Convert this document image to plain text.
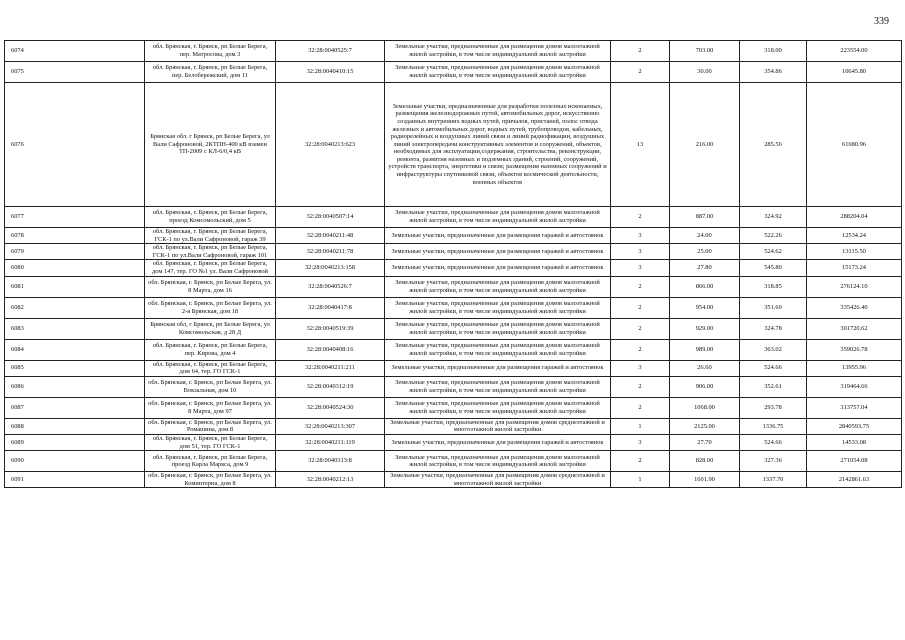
339
6074	обл. Брянская, г. Брянск, рп Белые Берега, пер. Матросова, дом 3	32:28:0040525:7	Земельные участки, предназначенные для размещения домов малоэтажной жилой застройки, в том числе индивидуальной жилой застройки	2	703.00	318.00	223554.00
6075	обл. Брянская, г. Брянск, рп Белые Берега, пер. Белобережский, дом 11	32:28:0040410:15	Земельные участки, предназначенные для размещения домов малоэтажной жилой застройки, в том числе индивидуальной жилой застройки	2	30.00	354.86	10645.80
6076	Брянская обл. г Брянск, рп Белые Берега, ул Вали Сафроновой, 2КТПН-400 кВ взамен ТП-2009 с КЛ-6/0,4 кВ	32:28:0040213:623	Земельные участки, предназначенные для разработки полезных ископаемых, размещения железнодорожных путей, автомобильных дорог, искусственно созданных внутренних водных путей, причалов, пристаней, полос отвода железных и автомобильных дорог, водных путей, трубопроводов, кабельных, радиорелейных и воздушных линий связи и линий радиофикации, воздушных линий электропередачи конструктивных элементов и сооружений, объектов, необходимых для эксплуатации,содержания, строительства, реконструкции, ремонта, развития наземных и подземных зданий, строений, сооружений, устройств транспорта, энергетики и связи; размещения наземных сооружений и инфраструктуры спутниковой связи, объектов космической деятельности, военных объектов	13	216.00	285.56	61680.96
6077	обл. Брянская, г. Брянск, рп Белые Берега, проезд Комсомольский, дом 5	32:28:0040507:14	Земельные участки, предназначенные для размещения домов малоэтажной жилой застройки, в том числе индивидуальной жилой застройки	2	887.00	324.92	288204.04
6078	обл. Брянская, г. Брянск, рп Белые Берега, ГСК-1 по ул.Вали Сафроновой, гараж 39	32:28:0040211:48	Земельные участки, предназначенные для размещения гаражей и автостоянок	3	24.00	522.26	12534.24
6079	обл. Брянская, г. Брянск, рп Белые Берега, ГСК-1 по ул.Вали Сафроновой, гараж 101	32:28:0040211:78	Земельные участки, предназначенные для размещения гаражей и автостоянок	3	25.00	524.62	13115.50
6080	обл. Брянская, г. Брянск, рп Белые Берега, дом 147, тер. ГО №1 ул. Вали Сафроновой	32:28:0040213:158	Земельные участки, предназначенные для размещения гаражей и автостоянок	3	27.80	545.80	15173.24
6081	обл. Брянская, г. Брянск, рп Белые Берега, ул. 8 Марта, дом 16	32:28:0040526:7	Земельные участки, предназначенные для размещения домов малоэтажной жилой застройки, в том числе индивидуальной жилой застройки	2	866.00	318.85	276124.10
6082	обл. Брянская, г. Брянск, рп Белые Берега, ул. 2-я Брянская, дом 18	32:28:0040417:8	Земельные участки, предназначенные для размещения домов малоэтажной жилой застройки, в том числе индивидуальной жилой застройки	2	954.00	351.60	335426.40
6083	Брянская обл, г Брянск, рп Белые Берега, ул Комсомольская, д 28 Д	32:28:0040519:39	Земельные участки, предназначенные для размещения домов малоэтажной жилой застройки, в том числе индивидуальной жилой застройки	2	929.00	324.78	301720.62
6084	обл. Брянская, г. Брянск, рп Белые Берега, пер. Кирова, дом 4	32:28:0040408:16	Земельные участки, предназначенные для размещения домов малоэтажной жилой застройки, в том числе индивидуальной жилой застройки	2	989.00	363.02	359026.78
6085	обл. Брянская, г. Брянск, рп Белые Берега, дом 64, тер. ГО ГСК-1	32:28:0040211:211	Земельные участки, предназначенные для размещения гаражей и автостоянок	3	26.60	524.66	13955.96
6086	обл. Брянская, г. Брянск, рп Белые Берега, ул. Вокзальная, дом 10	32:28:0040312:19	Земельные участки, предназначенные для размещения домов малоэтажной жилой застройки, в том числе индивидуальной жилой застройки	2	906.00	352.61	319464.66
6087	обл. Брянская, г. Брянск, рп Белые Берега, ул. 8 Марта, дом 97	32:28:0040524:30	Земельные участки, предназначенные для размещения домов малоэтажной жилой застройки, в том числе индивидуальной жилой застройки	2	1068.00	293.78	313757.04
6088	обл. Брянская, г. Брянск, рп Белые Берега, ул. Ромашина, дом 8	32:28:0040213:307	Земельные участки, предназначенные для размещения домов среднеэтажной и многоэтажной жилой застройки	1	2125.00	1336.75	2840593.75
6089	обл. Брянская, г. Брянск, рп Белые Берега, дом 51, тер. ГО ГСК-1	32:28:0040211:119	Земельные участки, предназначенные для размещения гаражей и автостоянок	3	27.70	524.66	14533.08
6090	обл. Брянская, г. Брянск, рп Белые Берега, проезд Карла Маркса, дом 9	32:28:0040313:8	Земельные участки, предназначенные для размещения домов малоэтажной жилой застройки, в том числе индивидуальной жилой застройки	2	828.00	327.36	271054.08
6091	обл. Брянская, г. Брянск, рп Белые Берега, ул. Коминтерна, дом 8	32:28:0040212:13	Земельные участки, предназначенные для размещения домов среднеэтажной и многоэтажной жилой застройки	1	1601.90	1337.70	2142861.63
